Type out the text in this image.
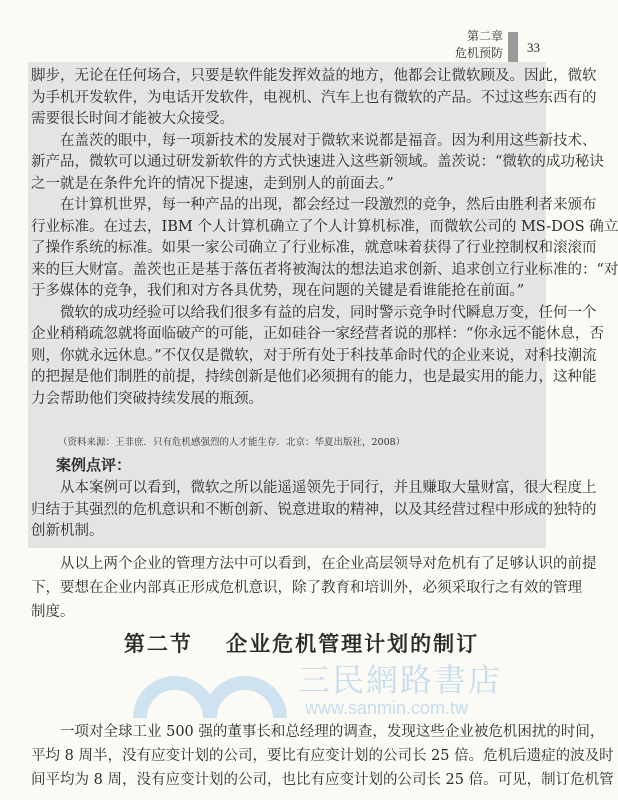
第二章
危机预防 33
脚步，无论在任何场合，只要是软件能发挥效益的地方，他都会让微软顾及。因此，微软
为手机开发软件，为电话开发软件，电视机、汽车上也有微软的产品。不过这些东西有的
需要很长时间才能被大众接受。
在盖茨的眼中，每一项新技术的发展对于微软来说都是福音。因为利用这些新技术、
新产品，微软可以通过研发新软件的方式快速进入这些新领域。盖茨说：“微软的成功秘诀
之一就是在条件允许的情况下提速，走到别人的前面去。”
在计算机世界，每一种产品的出现，都会经过一段激烈的竞争，然后由胜利者来颁布
行业标准。在过去，IBM 个人计算机确立了个人计算机标准，而微软公司的 MS-DOS 确立
了操作系统的标准。如果一家公司确立了行业标准，就意味着获得了行业控制权和滚滚而
来的巨大财富。盖茨也正是基于落伍者将被淘汰的想法追求创新、追求创立行业标准的：“对
于多媒体的竞争，我们和对方各具优势，现在问题的关键是看谁能抢在前面。”
微软的成功经验可以给我们很多有益的启发，同时警示竞争时代瞬息万变，任何一个
企业稍稍疏忽就将面临破产的可能，正如硅谷一家经营者说的那样：“你永远不能休息，否
则，你就永远休息。”不仅仅是微软，对于所有处于科技革命时代的企业来说，对科技潮流
的把握是他们制胜的前提，持续创新是他们必须拥有的能力，也是最实用的能力，这种能
力会帮助他们突破持续发展的瓶颈。
（资料来源：王非庶．只有危机感强烈的人才能生存．北京：华夏出版社，2008）
案例点评：
从本案例可以看到，微软之所以能遥遥领先于同行，并且赚取大量财富，很大程度上
归结于其强烈的危机意识和不断创新、锐意进取的精神，以及其经营过程中形成的独特的
创新机制。
从以上两个企业的管理方法中可以看到，在企业高层领导对危机有了足够认识的前提
下，要想在企业内部真正形成危机意识，除了教育和培训外，必须采取行之有效的管理
制度。
三民網路書店
www.sanmin.com.tw
第二节 企业危机管理计划的制订
一项对全球工业 500 强的董事长和总经理的调查，发现这些企业被危机困扰的时间，
平均 8 周半，没有应变计划的公司，要比有应变计划的公司长 25 倍。危机后遗症的波及时
间平均为 8 周，没有应变计划的公司，也比有应变计划的公司长 25 倍。可见，制订危机管
